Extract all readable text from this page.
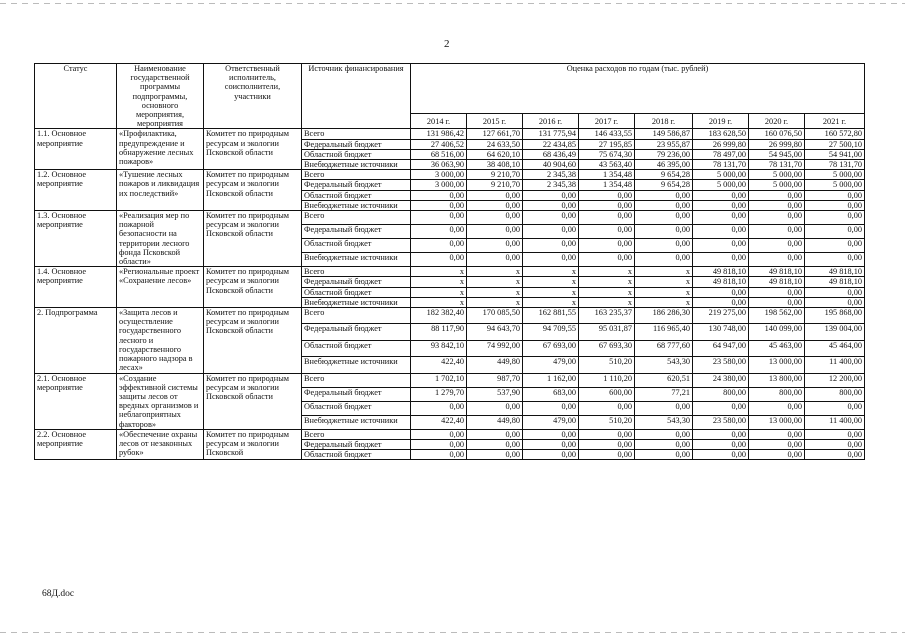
2
Статус	Наименование государственной программы подпрограммы, основного мероприятия, мероприятия	Ответственный исполнитель, соисполнители, участники	Источник финансирования	Оценка расходов по годам (тыс. рублей)							
				2014 г.	2015 г.	2016 г.	2017 г.	2018 г.	2019 г.	2020 г.	2021 г.
1.1. Основное мероприятие	«Профилактика, предупреждение и обнаружение лесных пожаров»	Комитет по природным ресурсам и экологии Псковской области	Всего	131 986,42	127 661,70	131 775,94	146 433,55	149 586,87	183 628,50	160 076,50	160 572,80
			Федеральный бюджет	27 406,52	24 633,50	22 434,85	27 195,85	23 955,87	26 999,80	26 999,80	27 500,10
			Областной бюджет	68 516,00	64 620,10	68 436,49	75 674,30	79 236,00	78 497,00	54 945,00	54 941,00
			Внебюджетные источники	36 063,90	38 408,10	40 904,60	43 563,40	46 395,00	78 131,70	78 131,70	78 131,70
1.2. Основное мероприятие	«Тушение лесных пожаров и ликвидация их последствий»	Комитет по природным ресурсам и экологии Псковской области	Всего	3 000,00	9 210,70	2 345,38	1 354,48	9 654,28	5 000,00	5 000,00	5 000,00
			Федеральный бюджет	3 000,00	9 210,70	2 345,38	1 354,48	9 654,28	5 000,00	5 000,00	5 000,00
			Областной бюджет	0,00	0,00	0,00	0,00	0,00	0,00	0,00	0,00
			Внебюджетные источники	0,00	0,00	0,00	0,00	0,00	0,00	0,00	0,00
1.3. Основное мероприятие	«Реализация мер по пожарной безопасности на территории лесного фонда Псковской области»	Комитет по природным ресурсам и экологии Псковской области	Всего	0,00	0,00	0,00	0,00	0,00	0,00	0,00	0,00
			Федеральный бюджет	0,00	0,00	0,00	0,00	0,00	0,00	0,00	0,00
			Областной бюджет	0,00	0,00	0,00	0,00	0,00	0,00	0,00	0,00
			Внебюджетные источники	0,00	0,00	0,00	0,00	0,00	0,00	0,00	0,00
1.4. Основное мероприятие	«Региональные проект «Сохранение лесов»	Комитет по природным ресурсам и экологии Псковской области	Всего	x	x	x	x	x	49 818,10	49 818,10	49 818,10
			Федеральный бюджет	x	x	x	x	x	49 818,10	49 818,10	49 818,10
			Областной бюджет	x	x	x	x	x	0,00	0,00	0,00
			Внебюджетные источники	x	x	x	x	x	0,00	0,00	0,00
2. Подпрограмма	«Защита лесов и осуществление государственного лесного и государственного пожарного надзора в лесах»	Комитет по природным ресурсам и экологии Псковской области	Всего	182 382,40	170 085,50	162 881,55	163 235,37	186 286,30	219 275,00	198 562,00	195 868,00
			Федеральный бюджет	88 117,90	94 643,70	94 709,55	95 031,87	116 965,40	130 748,00	140 099,00	139 004,00
			Областной бюджет	93 842,10	74 992,00	67 693,00	67 693,30	68 777,60	64 947,00	45 463,00	45 464,00
			Внебюджетные источники	422,40	449,80	479,00	510,20	543,30	23 580,00	13 000,00	11 400,00
2.1. Основное мероприятие	«Создание эффективной системы защиты лесов от вредных организмов и неблагоприятных факторов»	Комитет по природным ресурсам и экологии Псковской области	Всего	1 702,10	987,70	1 162,00	1 110,20	620,51	24 380,00	13 800,00	12 200,00
			Федеральный бюджет	1 279,70	537,90	683,00	600,00	77,21	800,00	800,00	800,00
			Областной бюджет	0,00	0,00	0,00	0,00	0,00	0,00	0,00	0,00
			Внебюджетные источники	422,40	449,80	479,00	510,20	543,30	23 580,00	13 000,00	11 400,00
2.2. Основное мероприятие	«Обеспечение охраны лесов от незаконных рубок»	Комитет по природным ресурсам и экологии Псковской	Всего	0,00	0,00	0,00	0,00	0,00	0,00	0,00	0,00
			Федеральный бюджет	0,00	0,00	0,00	0,00	0,00	0,00	0,00	0,00
			Областной бюджет	0,00	0,00	0,00	0,00	0,00	0,00	0,00	0,00
68Д.doc
